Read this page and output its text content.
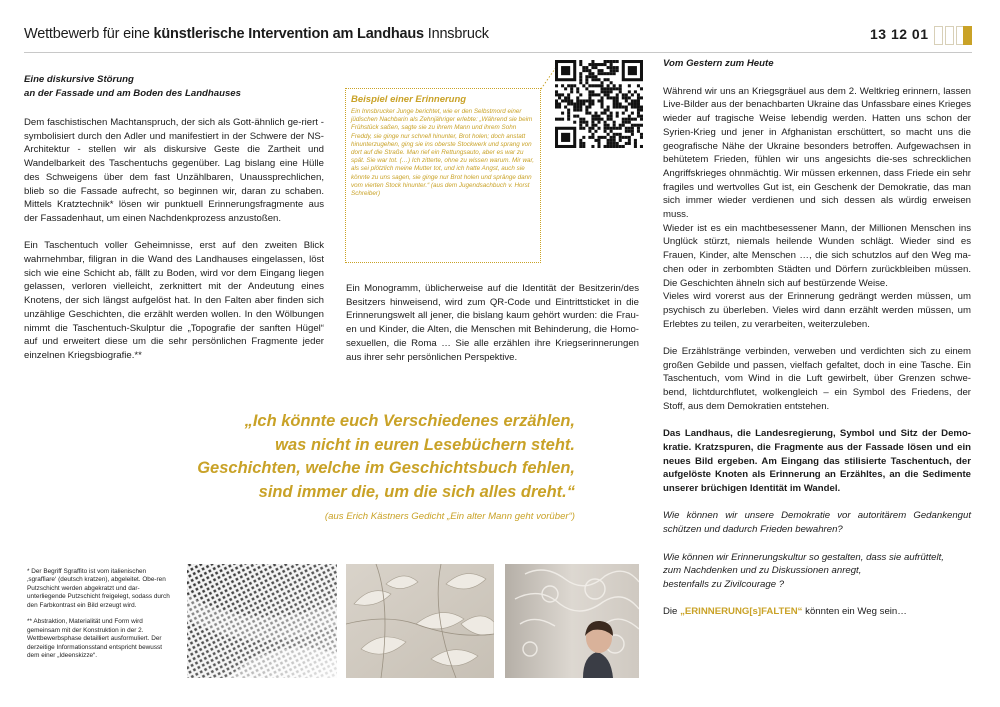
Wettbewerb für eine künstlerische Intervention am Landhaus Innsbruck	13 12 01
Eine diskursive Störung
an der Fassade und am Boden des Landhauses

Dem faschistischen Machtanspruch, der sich als Gott-ähnlich ge-riert - symbolisiert durch den Adler und manifestiert in der Schwere der NS-Architektur - stellen wir als diskursive Geste die Zartheit und Wandelbarkeit des Taschentuchs gegenüber. Lag bislang eine Hülle des Schweigens über dem fast Unzählbaren, Unaussprechlichen, blieb so die Fassade aufrecht, so beginnen wir, daran zu schaben. Mittels Kratztechnik* lösen wir punktuell Erinnerungsfragmente aus der Fassadenhaut, um einen Nachdenkprozess anzustoßen.

Ein Taschentuch voller Geheimnisse, erst auf den zweiten Blick wahrnehmbar, filigran in die Wand des Landhauses eingelassen, löst sich wie eine Schicht ab, fällt zu Boden, wird vor dem Eingang liegen gelassen, verloren vielleicht, zerknittert mit der Andeutung eines Knotens, der sich längst aufgelöst hat. In den Falten aber finden sich unzählige Geschichten, die erzählt werden wollen. In den Wölbungen nimmt die Taschentuch-Skulptur die „Topografie der sanften Hügel“ auf und erweitert diese um die sehr persönlichen Fragmente jeder einzelnen Kriegsbiografie.**

Beispiel einer Erinnerung
Ein Innsbrucker Junge berichtet, wie er den Selbstmord einer jüdischen Nachbarin als Zehnjähriger erlebte: „Während sie beim Frühstück saßen, sagte sie zu ihrem Mann und ihrem Sohn Freddy, sie ginge nur schnell hinunter, Brot holen; doch anstatt hinunterzugehen, ging sie ins oberste Stockwerk und sprang von dort auf die Straße. Man rief ein Rettungsauto, aber es war zu spät. Sie war tot. (…) Ich zitterte, ohne zu wissen warum. Mir war, als sei plötzlich meine Mutter tot, und ich hatte Angst, auch sie könnte zu uns sagen, sie ginge nur Brot holen und spränge dann vom vierten Stock hinunter.“ (aus dem Jugendsachbuch v. Horst Schreiber)

Ein Monogramm, üblicherweise auf die Identität der Besitzerin/des Besitzers hinweisend, wird zum QR-Code und Eintrittsticket in die Erinnerungswelt all jener, die bislang kaum gehört wurden: die Frau-en und Kinder, die Alten, die Menschen mit Behinderung, die Homo-sexuellen, die Roma … Sie alle erzählen ihre Kriegserinnerungen aus ihrer sehr persönlichen Perspektive.

„Ich könnte euch Verschiedenes erzählen,
was nicht in euren Lesebüchern steht.
Geschichten, welche im Geschichtsbuch fehlen,
sind immer die, um die sich alles dreht.“
(aus Erich Kästners Gedicht „Ein alter Mann geht vorüber“)

* Der Begriff Sgraffito ist vom italienischen ‚sgraffiare‘ (deutsch kratzen), abgeleitet. Obe-ren Putzschicht werden abgekratzt und dar-unterliegende Putzschicht freigelegt, sodass durch den Farbkontrast ein Bild erzeugt wird.

** Abstraktion, Materialität und Form wird gemeinsam mit der Konstruktion in der 2. Wettbewerbsphase detailliert ausformuliert. Der derzeitige Informationsstand entspricht bewusst dem einer „Ideenskizze“.

Vom Gestern zum Heute
Während wir uns an Kriegsgräuel aus dem 2. Weltkrieg erinnern, lassen Live-Bilder aus der benachbarten Ukraine das Unfassbare eines Krieges wieder auf tragische Weise lebendig werden. Hatten uns schon der Syrien-Krieg und jener in Afghanistan erschüttert, so macht uns die geografische Nähe der Ukraine besonders betroffen. Aufgewachsen in behütetem Frieden, fühlen wir uns angesichts die-ses schrecklichen Angriffskrieges ohnmächtig. Wir müssen erkennen, dass Friede ein sehr fragiles und wertvolles Gut ist, ein Geschenk der Demokratie, das man sich immer wieder verdienen und sich dessen als würdig erweisen muss.
Wieder ist es ein machtbesessener Mann, der Millionen Menschen ins Unglück stürzt, niemals heilende Wunden schlägt. Wieder sind es Frauen, Kinder, alte Menschen …, die sich schutzlos auf den Weg ma-chen oder in zerbombten Städten und Dörfern zurückbleiben müssen. Die Geschichten ähneln sich auf bestürzende Weise.

Vieles wird vorerst aus der Erinnerung gedrängt werden müssen, um psychisch zu überleben. Vieles wird dann erzählt werden müssen, um Erlebtes zu teilen, zu verarbeiten, weiterzuleben.

Die Erzählstränge verbinden, verweben und verdichten sich zu einem großen Gebilde und passen, vielfach gefaltet, doch in eine Tasche. Ein Taschentuch, vom Wind in die Luft gewirbelt, über Grenzen schwe-bend, lichtdurchflutet, wolkengleich – ein Symbol des Friedens, der Stoff, aus dem Demokratien entstehen.

Das Landhaus, die Landesregierung, Symbol und Sitz der Demo-kratie. Kratzspuren, die Fragmente aus der Fassade lösen und ein neues Bild ergeben. Am Eingang das stilisierte Taschentuch, der aufgelöste Knoten als Erinnerung an Erzähltes, an die Sedimente unserer brüchigen Identität im Wandel.

Wie können wir unsere Demokratie vor autoritärem Gedankengut schützen und dadurch Frieden bewahren?

Wie können wir Erinnerungskultur so gestalten, dass sie aufrüttelt,
zum Nachdenken und zu Diskussionen anregt,
bestenfalls zu Zivilcourage ?

Die „ERINNERUNG[s]FALTEN“ könnten ein Weg sein…
